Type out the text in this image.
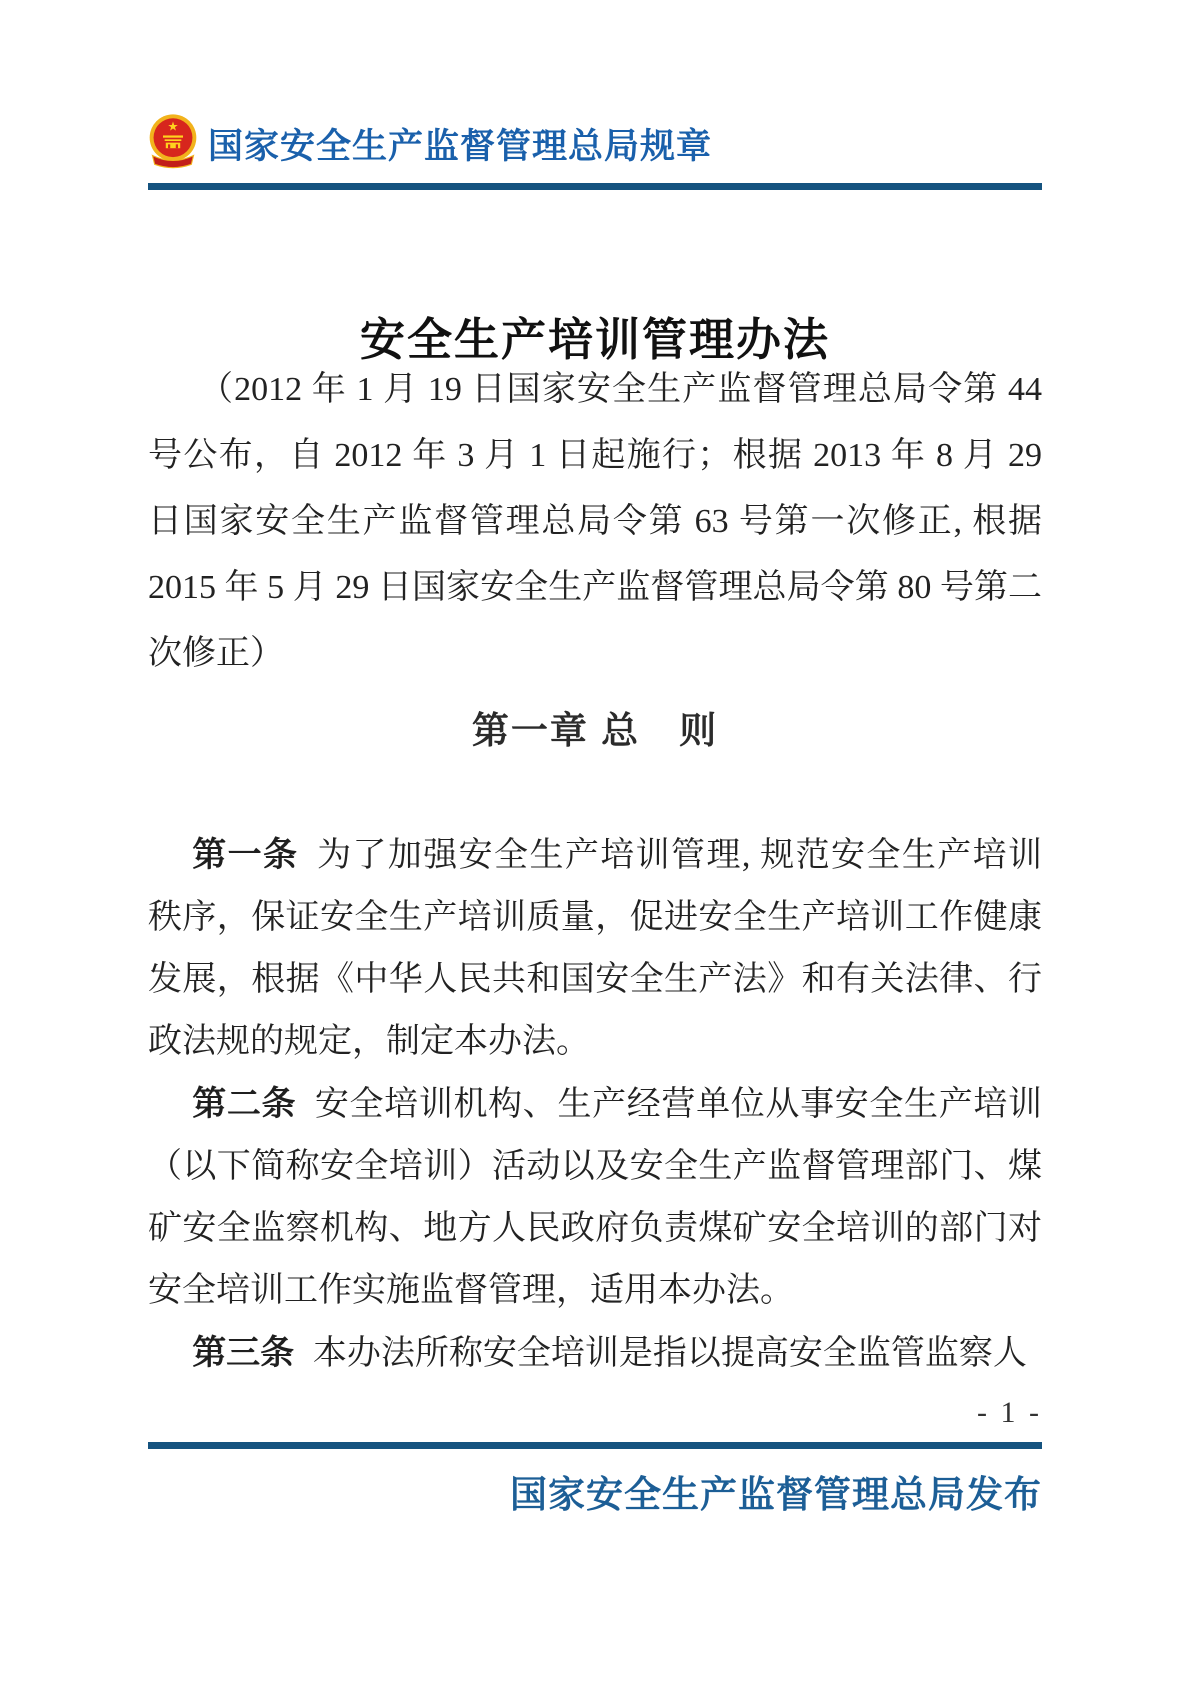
国家安全生产监督管理总局规章
安全生产培训管理办法
（2012 年 1 月 19 日国家安全生产监督管理总局令第 44 号公布，自 2012 年 3 月 1 日起施行；根据 2013 年 8 月 29 日国家安全生产监督管理总局令第 63 号第一次修正, 根据 2015 年 5 月 29 日国家安全生产监督管理总局令第 80 号第二次修正）
第一章 总　则

第一条 为了加强安全生产培训管理, 规范安全生产培训秩序，保证安全生产培训质量，促进安全生产培训工作健康发展，根据《中华人民共和国安全生产法》和有关法律、行政法规的规定，制定本办法。

第二条 安全培训机构、生产经营单位从事安全生产培训（以下简称安全培训）活动以及安全生产监督管理部门、煤矿安全监察机构、地方人民政府负责煤矿安全培训的部门对安全培训工作实施监督管理，适用本办法。

第三条 本办法所称安全培训是指以提高安全监管监察人

- 1 -
国家安全生产监督管理总局发布
